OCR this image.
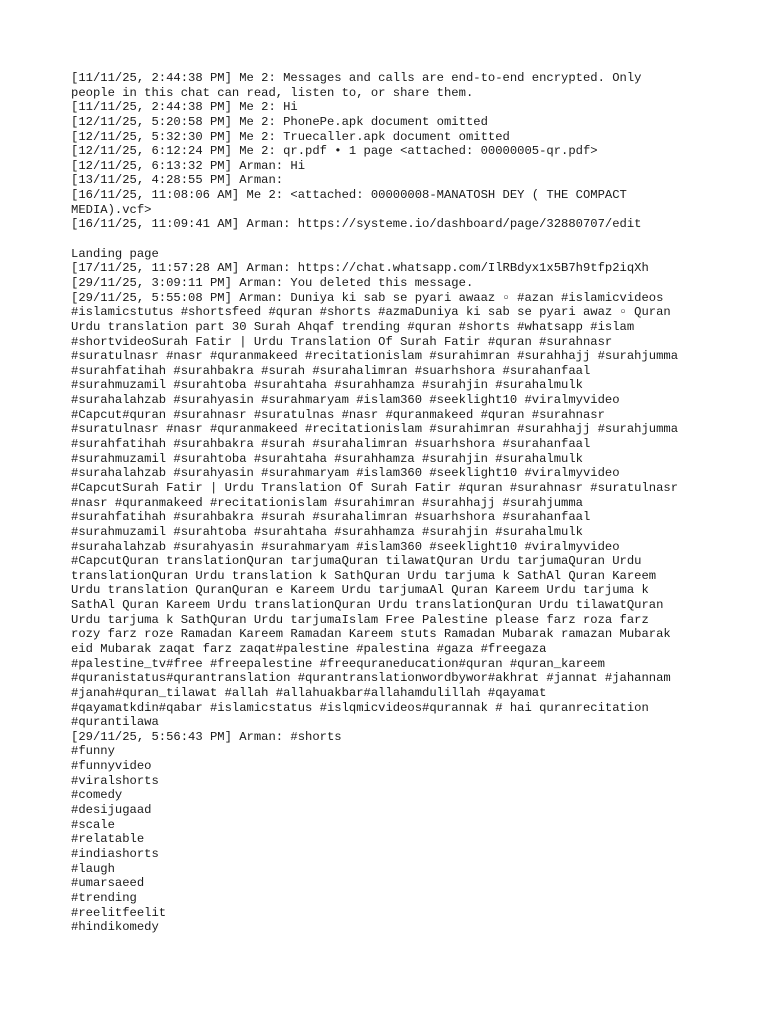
[11/11/25, 2:44:38 PM] Me 2: Messages and calls are end-to-end encrypted. Only
people in this chat can read, listen to, or share them.
[11/11/25, 2:44:38 PM] Me 2: Hi
[12/11/25, 5:20:58 PM] Me 2: PhonePe.apk document omitted
[12/11/25, 5:32:30 PM] Me 2: Truecaller.apk document omitted
[12/11/25, 6:12:24 PM] Me 2: qr.pdf • 1 page <attached: 00000005-qr.pdf>
[12/11/25, 6:13:32 PM] Arman: Hi
[13/11/25, 4:28:55 PM] Arman:
[16/11/25, 11:08:06 AM] Me 2: <attached: 00000008-MANATOSH DEY ( THE COMPACT
MEDIA).vcf>
[16/11/25, 11:09:41 AM] Arman: https://systeme.io/dashboard/page/32880707/edit
Landing page
[17/11/25, 11:57:28 AM] Arman: https://chat.whatsapp.com/IlRBdyx1x5B7h9tfp2iqXh
[29/11/25, 3:09:11 PM] Arman: You deleted this message.
[29/11/25, 5:55:08 PM] Arman: Duniya ki sab se pyari awaaz ▫ #azan #islamicvideos
#islamicstutus #shortsfeed #quran #shorts #azmaDuniya ki sab se pyari awaz ▫ Quran
Urdu translation part 30 Surah Ahqaf trending #quran #shorts #whatsapp #islam
#shortvideoSurah Fatir | Urdu Translation Of Surah Fatir #quran #surahnasr
#suratulnasr #nasr #quranmakeed #recitationislam #surahimran #surahhajj #surahjumma
#surahfatihah #surahbakra #surah #surahalimran #suarhshora #surahanfaal
#surahmuzamil #surahtoba #surahtaha #surahhamza #surahjin #surahalmulk
#surahalahzab #surahyasin #surahmaryam #islam360 #seeklight10 #viralmyvideo
#Capcut#quran #surahnasr #suratulnas #nasr #quranmakeed #quran #surahnasr
#suratulnasr #nasr #quranmakeed #recitationislam #surahimran #surahhajj #surahjumma
#surahfatihah #surahbakra #surah #surahalimran #suarhshora #surahanfaal
#surahmuzamil #surahtoba #surahtaha #surahhamza #surahjin #surahalmulk
#surahalahzab #surahyasin #surahmaryam #islam360 #seeklight10 #viralmyvideo
#CapcutSurah Fatir | Urdu Translation Of Surah Fatir #quran #surahnasr #suratulnasr
#nasr #quranmakeed #recitationislam #surahimran #surahhajj #surahjumma
#surahfatihah #surahbakra #surah #surahalimran #suarhshora #surahanfaal
#surahmuzamil #surahtoba #surahtaha #surahhamza #surahjin #surahalmulk
#surahalahzab #surahyasin #surahmaryam #islam360 #seeklight10 #viralmyvideo
#CapcutQuran translationQuran tarjumaQuran tilawatQuran Urdu tarjumaQuran Urdu
translationQuran Urdu translation k SathQuran Urdu tarjuma k SathAl Quran Kareem
Urdu translation QuranQuran e Kareem Urdu tarjumaAl Quran Kareem Urdu tarjuma k
SathAl Quran Kareem Urdu translationQuran Urdu translationQuran Urdu tilawatQuran
Urdu tarjuma k SathQuran Urdu tarjumaIslam Free Palestine please farz roza farz
rozy farz roze Ramadan Kareem Ramadan Kareem stuts Ramadan Mubarak ramazan Mubarak
eid Mubarak zaqat farz zaqat#palestine #palestina #gaza #freegaza
#palestine_tv#free #freepalestine #freequraneducation#quran #quran_kareem
#quranistatus#qurantranslation #qurantranslationwordbywor#akhrat #jannat #jahannam
#janah#quran_tilawat #allah #allahuakbar#allahamdulillah #qayamat
#qayamatkdin#qabar #islamicstatus #islqmicvideos#qurannak # hai quranrecitation
#qurantilawa
[29/11/25, 5:56:43 PM] Arman: #shorts
#funny
#funnyvideo
#viralshorts
#comedy
#desijugaad
#scale
#relatable
#indiashorts
#laugh
#umarsaeed
#trending
#reelitfeelit
#hindikomedy
